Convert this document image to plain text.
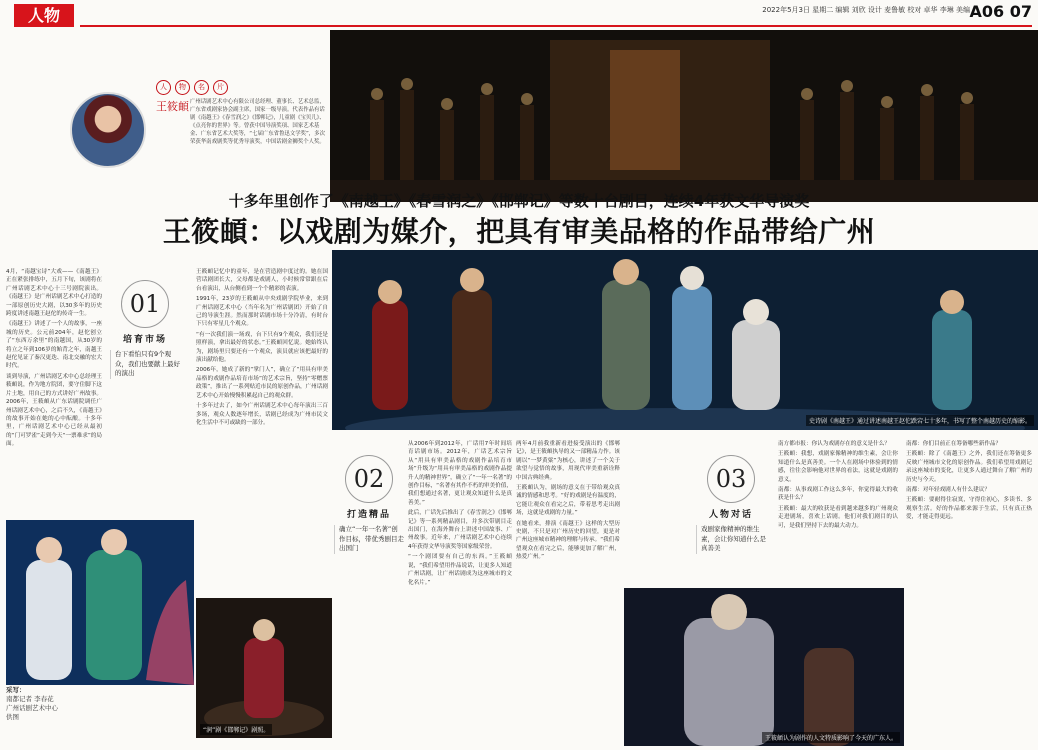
人物	2022年5月3日 星期二 编辑 刘欣 设计 麦鲁敏 校对 卓华 李琳 美编 A06 07
人	物	名	片
王筱頔 广州话剧艺术中心有限公司总经理、董事长、艺术总监，广东省戏剧家协会副主席，国家一级导演。代表作品有话剧《南越王》《春雪润之》《邯郸记》，儿童剧《宝贝儿》、《点亮你的世界》等。曾获中国导演奖项、国家艺术基金、广东省艺术大奖等，“七届广东省鲁迅文学奖”，多次荣获华南戏剧奖等优秀导演奖，中国话剧金狮奖个人奖。
十多年里创作了《南越王》《春雪润之》《邯郸记》等数十台剧目，连续4年获文华导演奖
王筱頔：以戏剧为媒介，把具有审美品格的作品带给广州
史诗剧《南越王》通过讲述南越王赵佗跌宕七十多年，书写了整个南越历史的缩影。

4月，“南越宝诗”大戏——《南越王》正在紧张排练中，五月下旬，该剧将在广州话剧艺术中心十三号剧院演出。《南越王》是广州话剧艺术中心打造的一部原创历史大剧，以30多年的历史跨度讲述南越王赵佗的传奇一生。

《南越王》讲述了一个人的故事，一座城的历史。公元前204年，赵佗创立了“东西万余里”的南越国，从30岁的将立之年到106岁的鲐背之年，南越王赵佗见证了秦汉更迭、南北交融的宏大时代。

谈到导演，广州话剧艺术中心总经理王筱頔说，作为地方院团，要守住脚下这片土地，用自己的方式讲好广州故事。2006年，王筱頔从广东话剧院调任广州话剧艺术中心，之后不久，《南越王》的故事开始在她的心中酝酿。十多年里，广州话剧艺术中心已经从最初的“门可罗雀”走到今天“一票难求”的局面。

01
培育市场
台下看怕只有9个观众，我们也要献上最好的演出

王筱頔记忆中的童年，是在营造剧中度过的。她在国营话剧团长大，父母都是戏剧人，小时候常常跟在后台看演出，从台侧看到一个个精彩的表演。

1991年，23岁的王筱頔从中央戏剧学院毕业，来到广州话剧艺术中心（当年名为广州话剧团）开始了自己的导演生涯。然而那时话剧市场十分冷清，有时台下只有零星几个观众。

“有一次我们演一场戏，台下只有9个观众，我们还是照样演，拿出最好的状态。”王筱頔回忆说。她始终认为，剧场里只要还有一个观众，演员就应该把最好的演出献给他。

2006年，她成了新的“掌门人”，确立了“用具有审美品格的戏剧作品培育市场”的艺术宗旨，坚持“零赠票政策”，推出了一系列贴近市民的原创作品，广州话剧艺术中心开始慢慢积累起自己的观众群。

十多年过去了，如今广州话剧艺术中心每年演出三百多场，观众人数逐年增长，话剧已经成为广州市民文化生活中不可或缺的一部分。

采写：
南都记者 李春花
广州话剧艺术中心
供图
“润”剧《邯郸记》剧照。
02
打造精品
确立“一年一名著”创作目标，带优秀剧目走出国门

从2006年到2012年，广话用7年时间培育话剧市场。2012年，广话艺术宗旨从“用具有审美品格的戏剧作品培育市场”升级为“用具有审美品格的戏剧作品提升人的精神世界”，确立了“一年一名著”的创作目标，“名著有其作不朽的审美价值，我们想通过名著，更让观众知道什么是真善美。”

此后，广话先后推出了《春雪润之》《邯郸记》等一系列精品剧目，并多次带剧目走出国门，在海外舞台上讲述中国故事、广州故事。近年来，广州话剧艺术中心连续4年获得文华导演奖等国家级荣誉。

“一个剧团要有自己的东西。”王筱頔说，“我们希望用作品说话，让更多人知道广州话剧，让广州话剧成为这座城市的文化名片。”

两年4月前我重新看进接受演出的《邯郸记》，是王筱頔执导的又一部精品力作。该剧以“一梦黄粱”为核心，讲述了一个关于欲望与觉悟的故事，用现代审美重新诠释中国古典经典。

王筱頔认为，剧场的意义在于带给观众真诚的情感和思考。“好的戏剧是有温度的，它能让观众在看完之后，带着思考走出剧场，这就是戏剧的力量。”

在她看来，排演《南越王》这样的大型历史剧，不只是对广州历史的回望，更是对广州这座城市精神的理解与传承。“我们希望观众在看完之后，能够更加了解广州，热爱广州。”

03
人物对话
戏剧家像精神的维生素，会让你知道什么是真善美

南方都市报：你认为戏剧存在的意义是什么？

王筱頔：我想，戏剧家像精神的维生素，会让你知道什么是真善美。一个人在剧场中体验到的情感，往往会影响他对世界的看法，这就是戏剧的意义。

南都：从事戏剧工作这么多年，你觉得最大的收获是什么？

王筱頔：最大的收获是看到越来越多的广州观众走进剧场，喜欢上话剧。他们对我们剧目的认可，是我们坚持下去的最大动力。

南都：你们目前正在筹备哪些新作品？

王筱頔：除了《南越王》之外，我们还在筹备更多反映广州城市文化的原创作品。我们希望用戏剧记录这座城市的变化，让更多人通过舞台了解广州的历史与今天。

南都：对年轻戏剧人有什么建议？

王筱頔：要耐得住寂寞，守得住初心，多读书、多观察生活。好的作品都来源于生活，只有真正热爱，才能走得更远。

王筱頔认为剧作的人文特质影响了今天的广东人。
